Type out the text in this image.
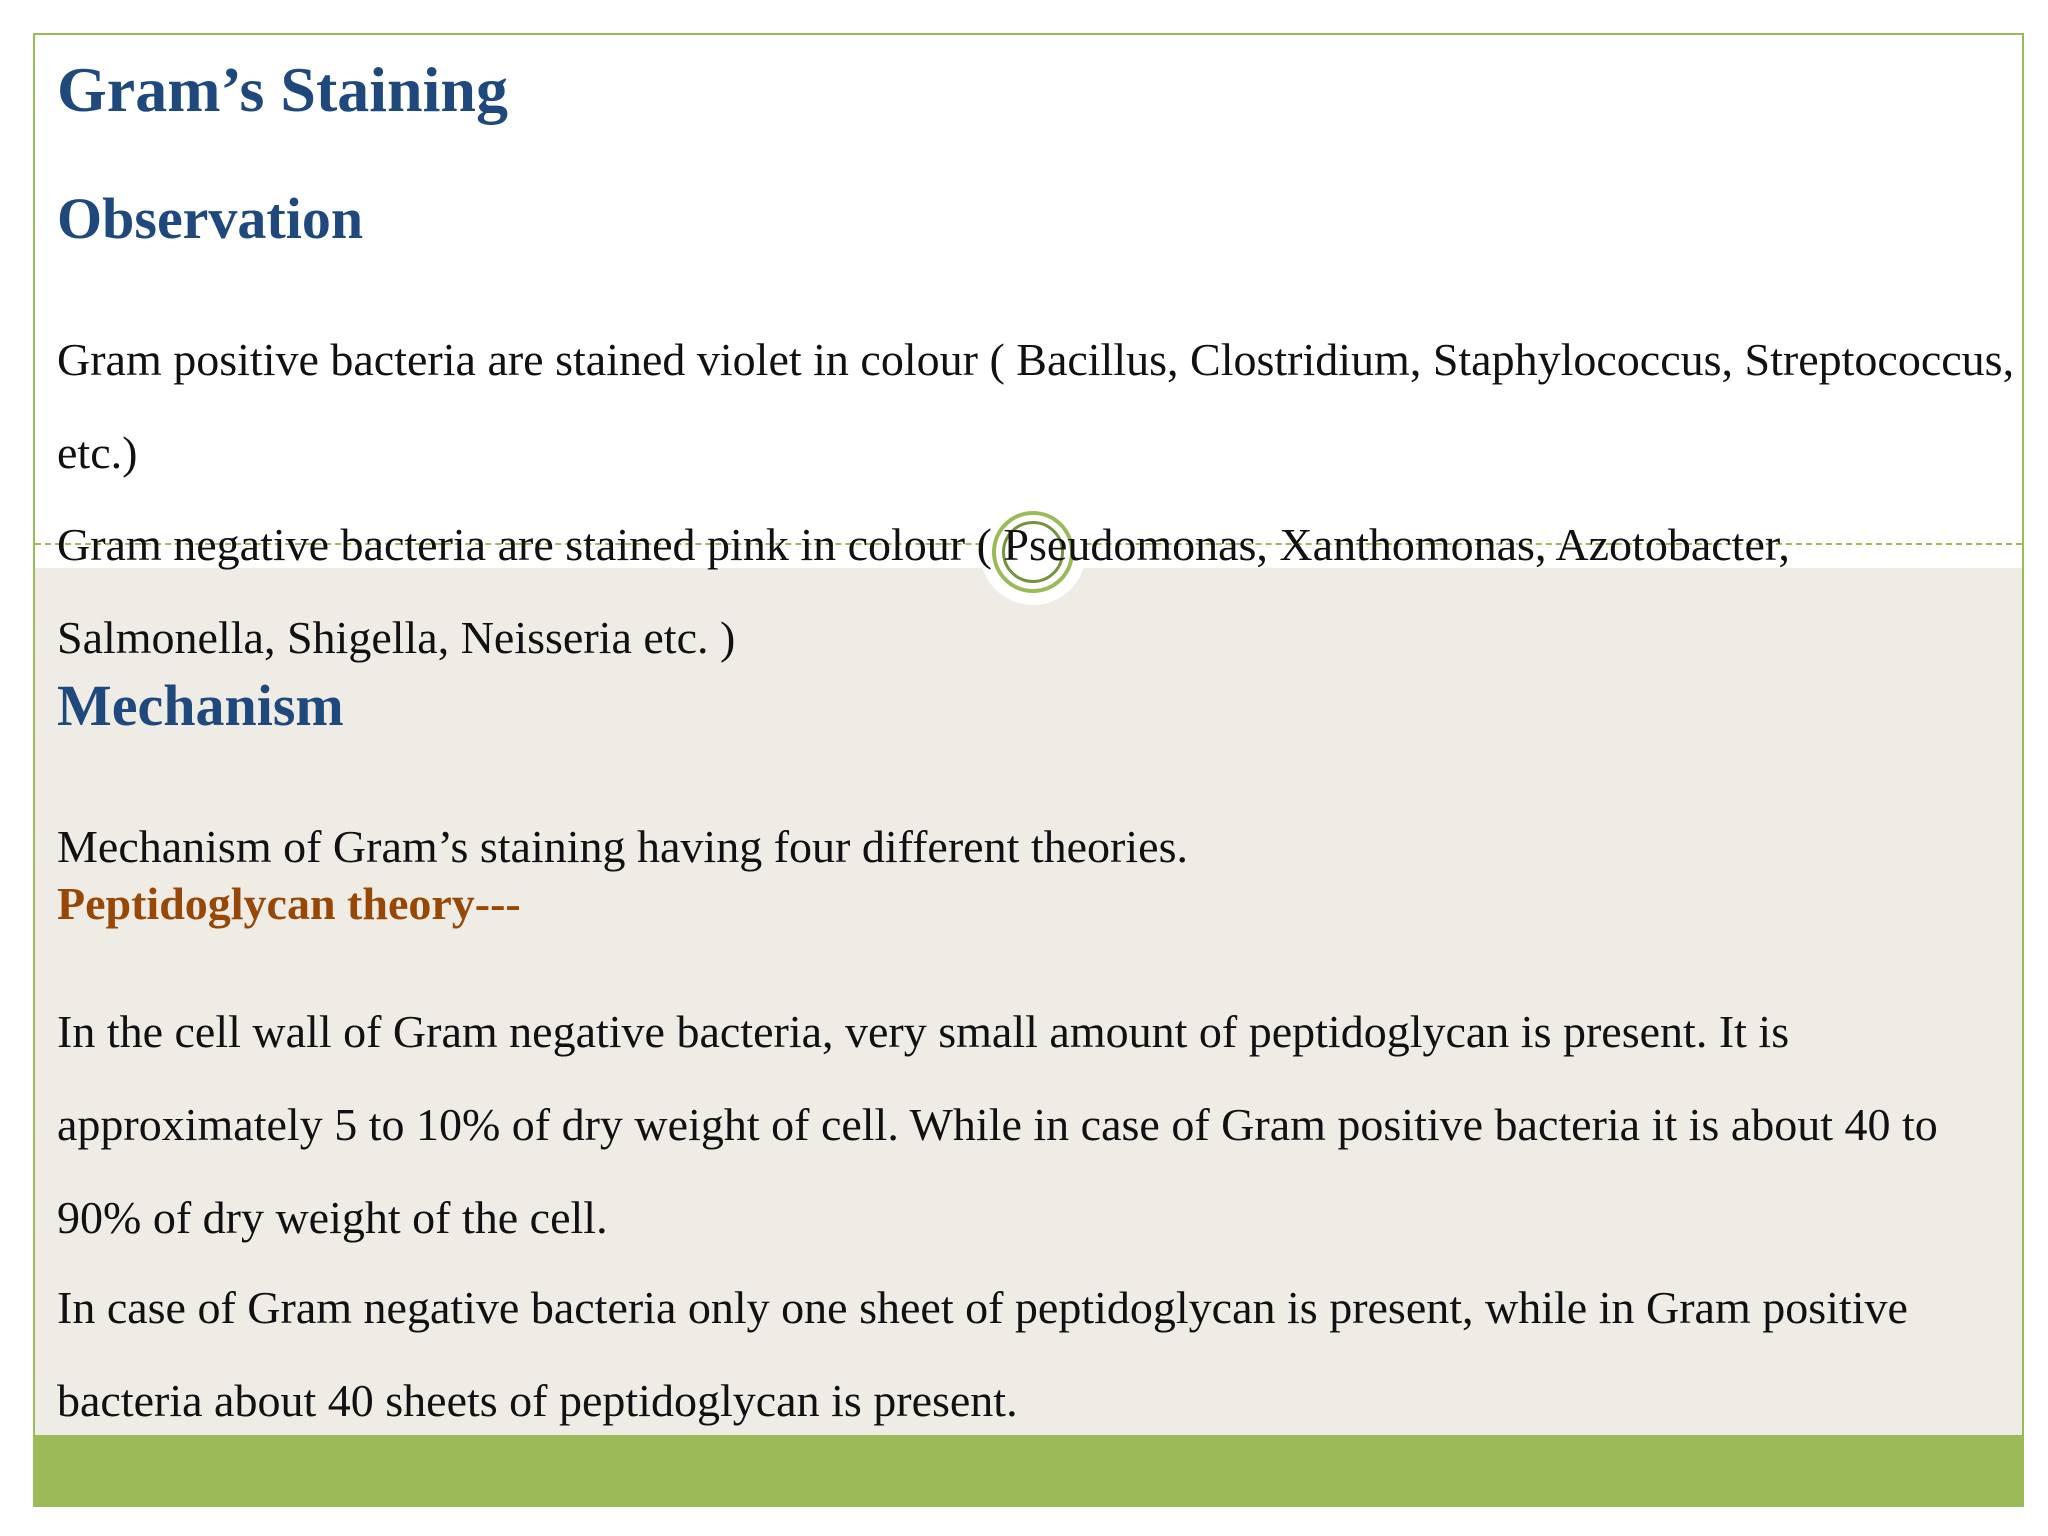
Gram’s Staining
Observation

Gram positive bacteria are stained violet in colour ( Bacillus, Clostridium, Staphylococcus, Streptococcus, etc.)

Gram negative bacteria are stained pink in colour ( Pseudomonas, Xanthomonas, Azotobacter, Salmonella, Shigella, Neisseria etc. )

Mechanism

Mechanism of Gram’s staining having four different theories.

Peptidoglycan theory---

In the cell wall of Gram negative bacteria, very small amount of peptidoglycan is present. It is approximately 5 to 10% of dry weight of cell. While in case of Gram positive bacteria it is about 40 to 90% of dry weight of the cell.

In case of Gram negative bacteria only one sheet of peptidoglycan is present, while in Gram positive bacteria about 40 sheets of peptidoglycan is present.
